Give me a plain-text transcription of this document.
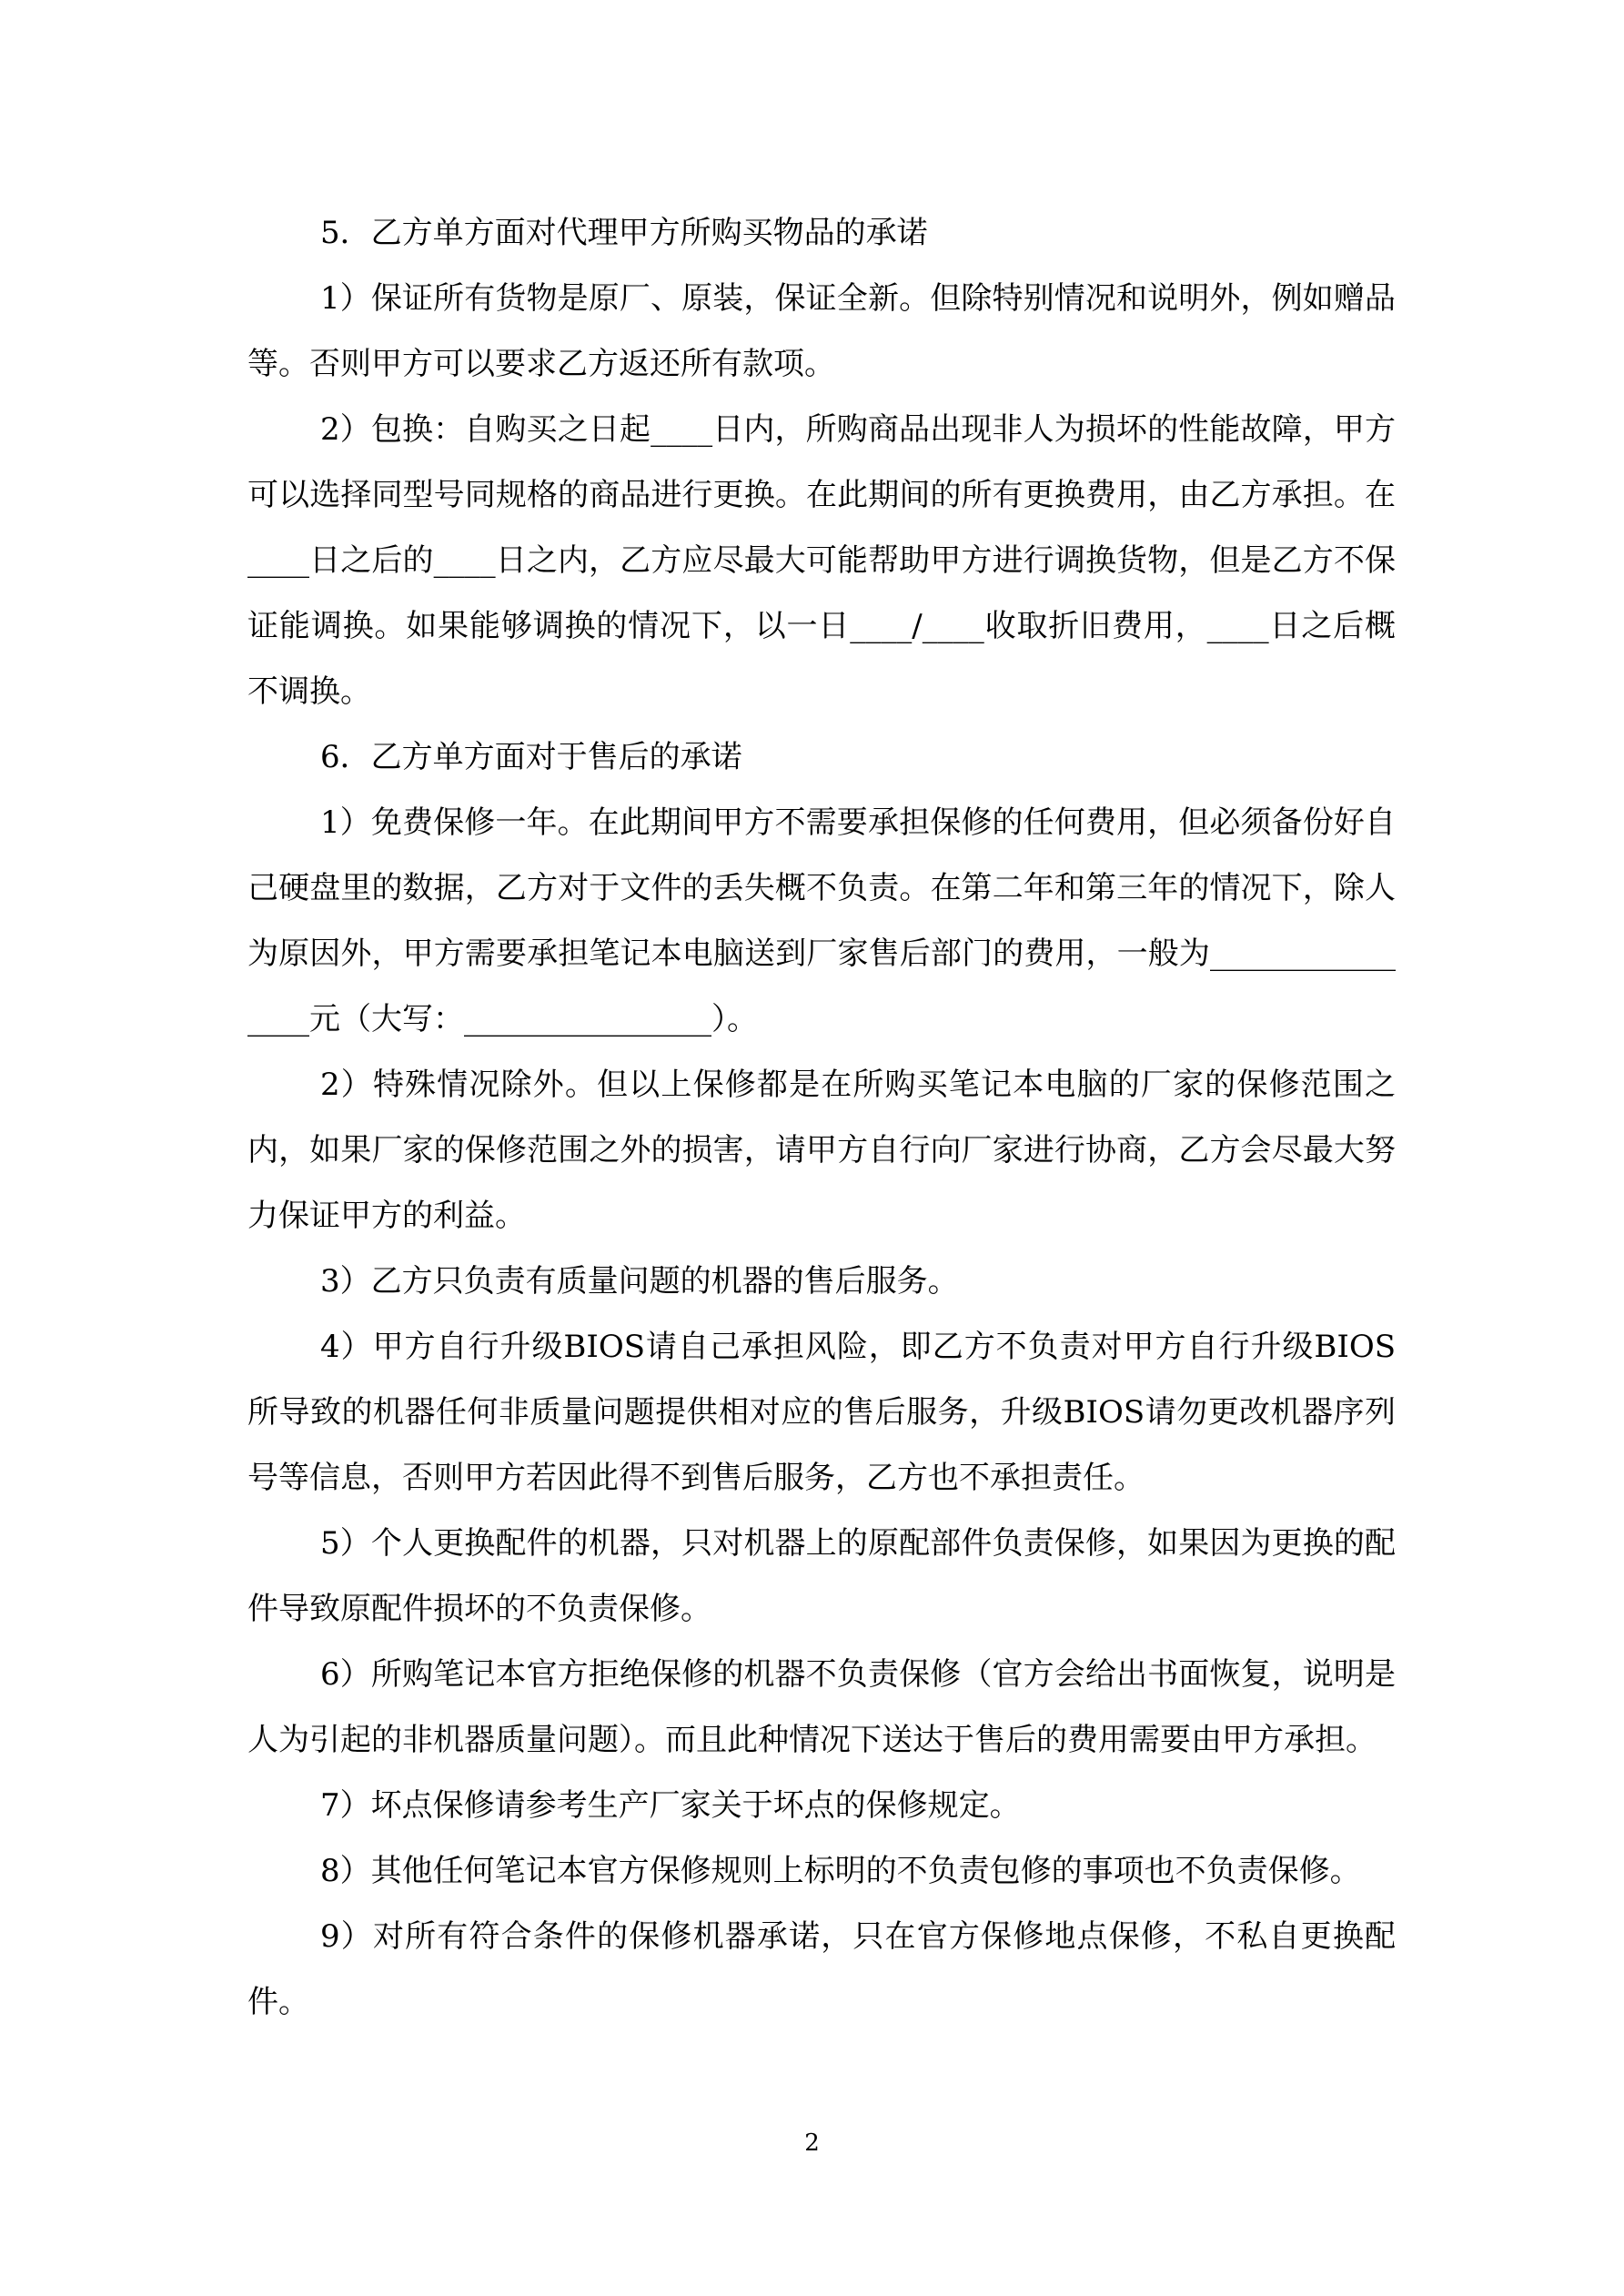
5．乙方单方面对代理甲方所购买物品的承诺

1）保证所有货物是原厂、原装，保证全新。但除特别情况和说明外，例如赠品等。否则甲方可以要求乙方返还所有款项。

2）包换：自购买之日起____日内，所购商品出现非人为损坏的性能故障，甲方可以选择同型号同规格的商品进行更换。在此期间的所有更换费用，由乙方承担。在____日之后的____日之内，乙方应尽最大可能帮助甲方进行调换货物，但是乙方不保证能调换。如果能够调换的情况下，以一日____/____收取折旧费用，____日之后概不调换。

6．乙方单方面对于售后的承诺

1）免费保修一年。在此期间甲方不需要承担保修的任何费用，但必须备份好自己硬盘里的数据，乙方对于文件的丢失概不负责。在第二年和第三年的情况下，除人为原因外，甲方需要承担笔记本电脑送到厂家售后部门的费用，一般为________________元（大写：________________）。

2）特殊情况除外。但以上保修都是在所购买笔记本电脑的厂家的保修范围之内，如果厂家的保修范围之外的损害，请甲方自行向厂家进行协商，乙方会尽最大努力保证甲方的利益。

3）乙方只负责有质量问题的机器的售后服务。

4）甲方自行升级BIOS请自己承担风险，即乙方不负责对甲方自行升级BIOS所导致的机器任何非质量问题提供相对应的售后服务，升级BIOS请勿更改机器序列号等信息，否则甲方若因此得不到售后服务，乙方也不承担责任。

5）个人更换配件的机器，只对机器上的原配部件负责保修，如果因为更换的配件导致原配件损坏的不负责保修。

6）所购笔记本官方拒绝保修的机器不负责保修（官方会给出书面恢复，说明是人为引起的非机器质量问题）。而且此种情况下送达于售后的费用需要由甲方承担。

7）坏点保修请参考生产厂家关于坏点的保修规定。

8）其他任何笔记本官方保修规则上标明的不负责包修的事项也不负责保修。

9）对所有符合条件的保修机器承诺，只在官方保修地点保修，不私自更换配件。

2
